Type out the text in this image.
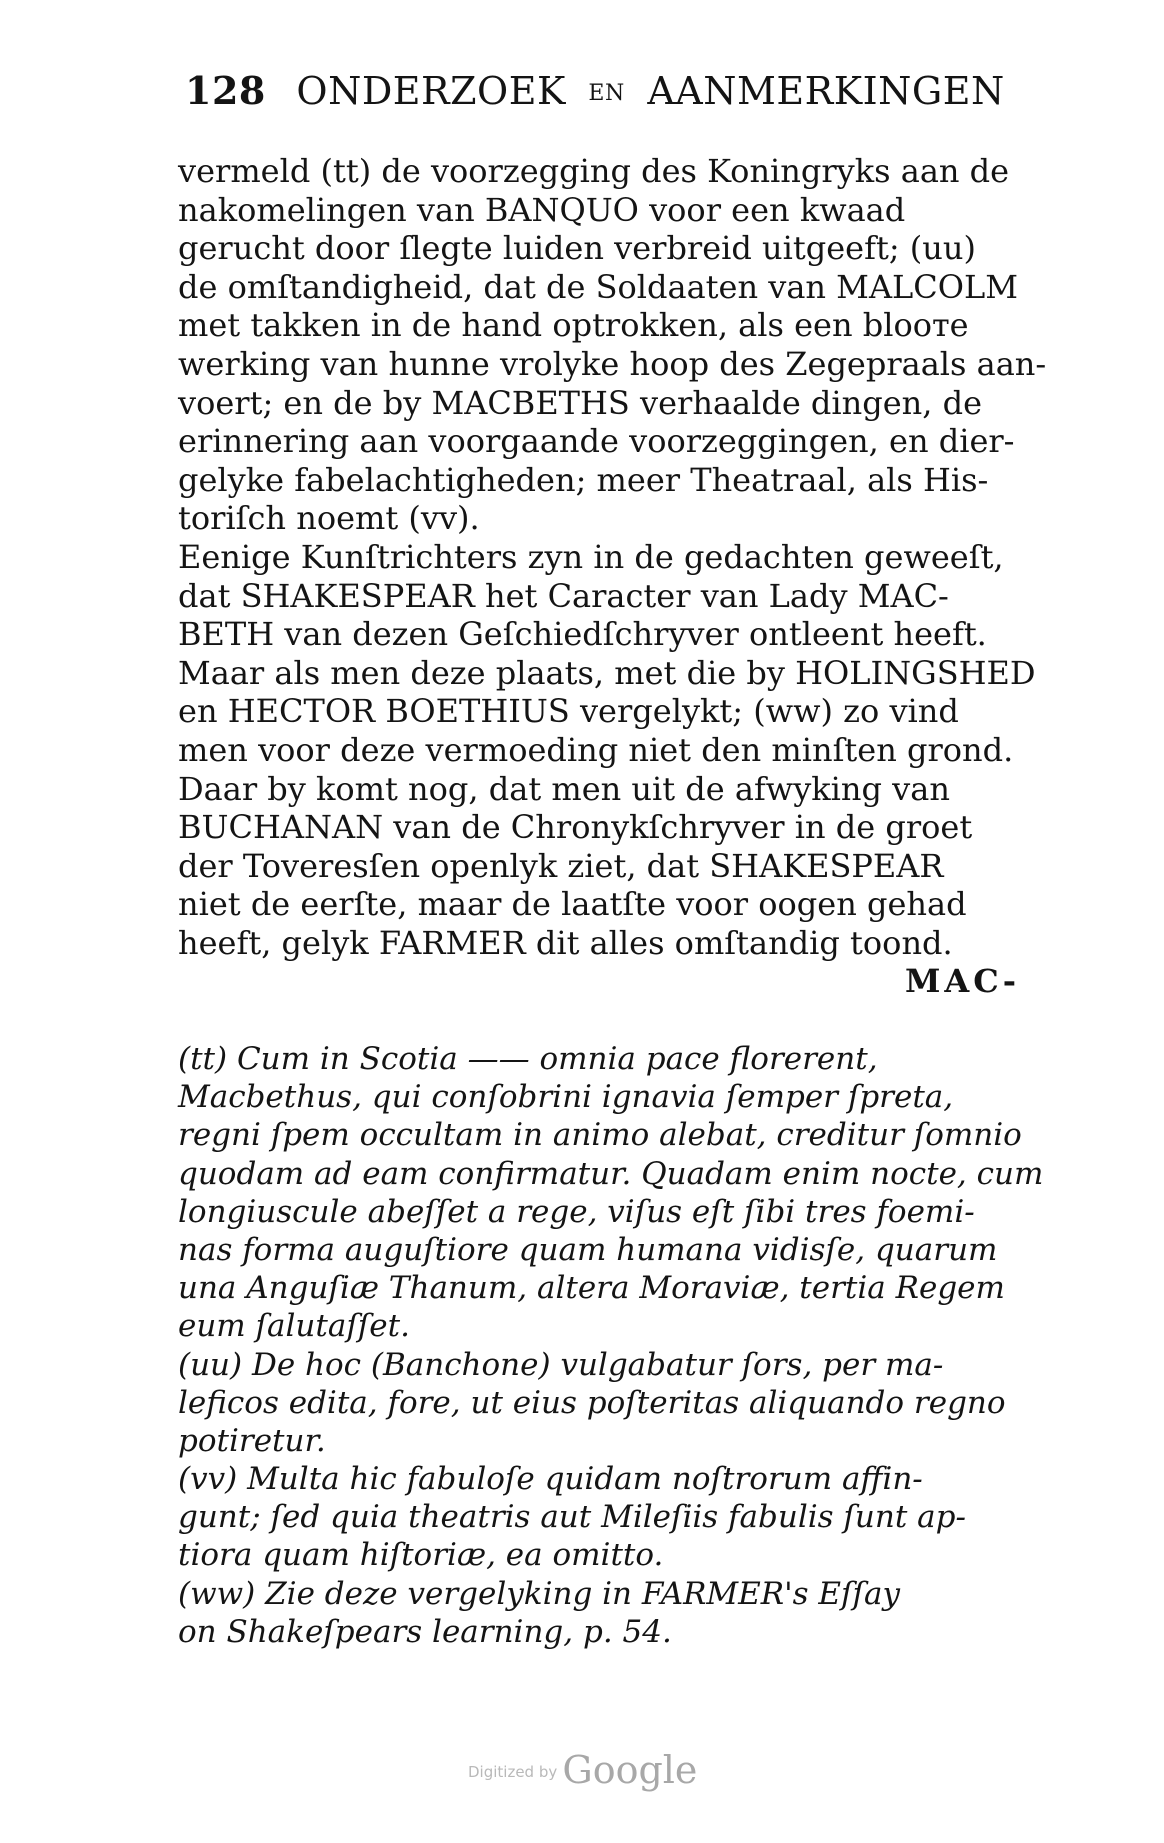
128 ONDERZOEK EN AANMERKINGEN
vermeld (tt) de voorzegging des Koningryks aan de
nakomelingen van BANQUO voor een kwaad
gerucht door ſlegte luiden verbreid uitgeeft; (uu)
de omſtandigheid, dat de Soldaaten van MALCOLM
met takken in de hand optrokken, als een blooте
werking van hunne vrolyke hoop des Zegepraals aan-
voert; en de by MACBETHS verhaalde dingen, de
erinnering aan voorgaande voorzeggingen, en dier-
gelyke fabelachtigheden; meer Theatraal, als His-
toriſch noemt (vv).
Eenige Kunſtrichters zyn in de gedachten geweeſt,
dat SHAKESPEAR het Caracter van Lady MAC-
BETH van dezen Geſchiedſchryver ontleent heeft.
Maar als men deze plaats, met die by HOLINGSHED
en HECTOR BOETHIUS vergelykt; (ww) zo vind
men voor deze vermoeding niet den minſten grond.
Daar by komt nog, dat men uit de afwyking van
BUCHANAN van de Chronykſchryver in de groet
der Toveresſen openlyk ziet, dat SHAKESPEAR
niet de eerſte, maar de laatſte voor oogen gehad
heeft, gelyk FARMER dit alles omſtandig toond.
MAC-
(tt) Cum in Scotia —— omnia pace florerent,
Macbethus, qui conſobrini ignavia ſemper ſpreta,
regni ſpem occultam in animo alebat, creditur ſomnio
quodam ad eam confirmatur. Quadam enim nocte, cum
longiuscule abeſſet a rege, viſus eſt ſibi tres foemi-
nas forma auguſtiore quam humana vidisſe, quarum
una Anguſiæ Thanum, altera Moraviæ, tertia Regem
eum ſalutaſſet.
(uu) De hoc (Banchone) vulgabatur ſors, per ma-
leficos edita, fore, ut eius poſteritas aliquando regno
potiretur.
(vv) Multa hic fabuloſe quidam noſtrorum affin-
gunt; ſed quia theatris aut Mileſiis fabulis ſunt ap-
tiora quam hiſtoriæ, ea omitto.
(ww) Zie deze vergelyking in FARMER's Eſſay
on Shakeſpears learning, p. 54.
Digitized by Google
